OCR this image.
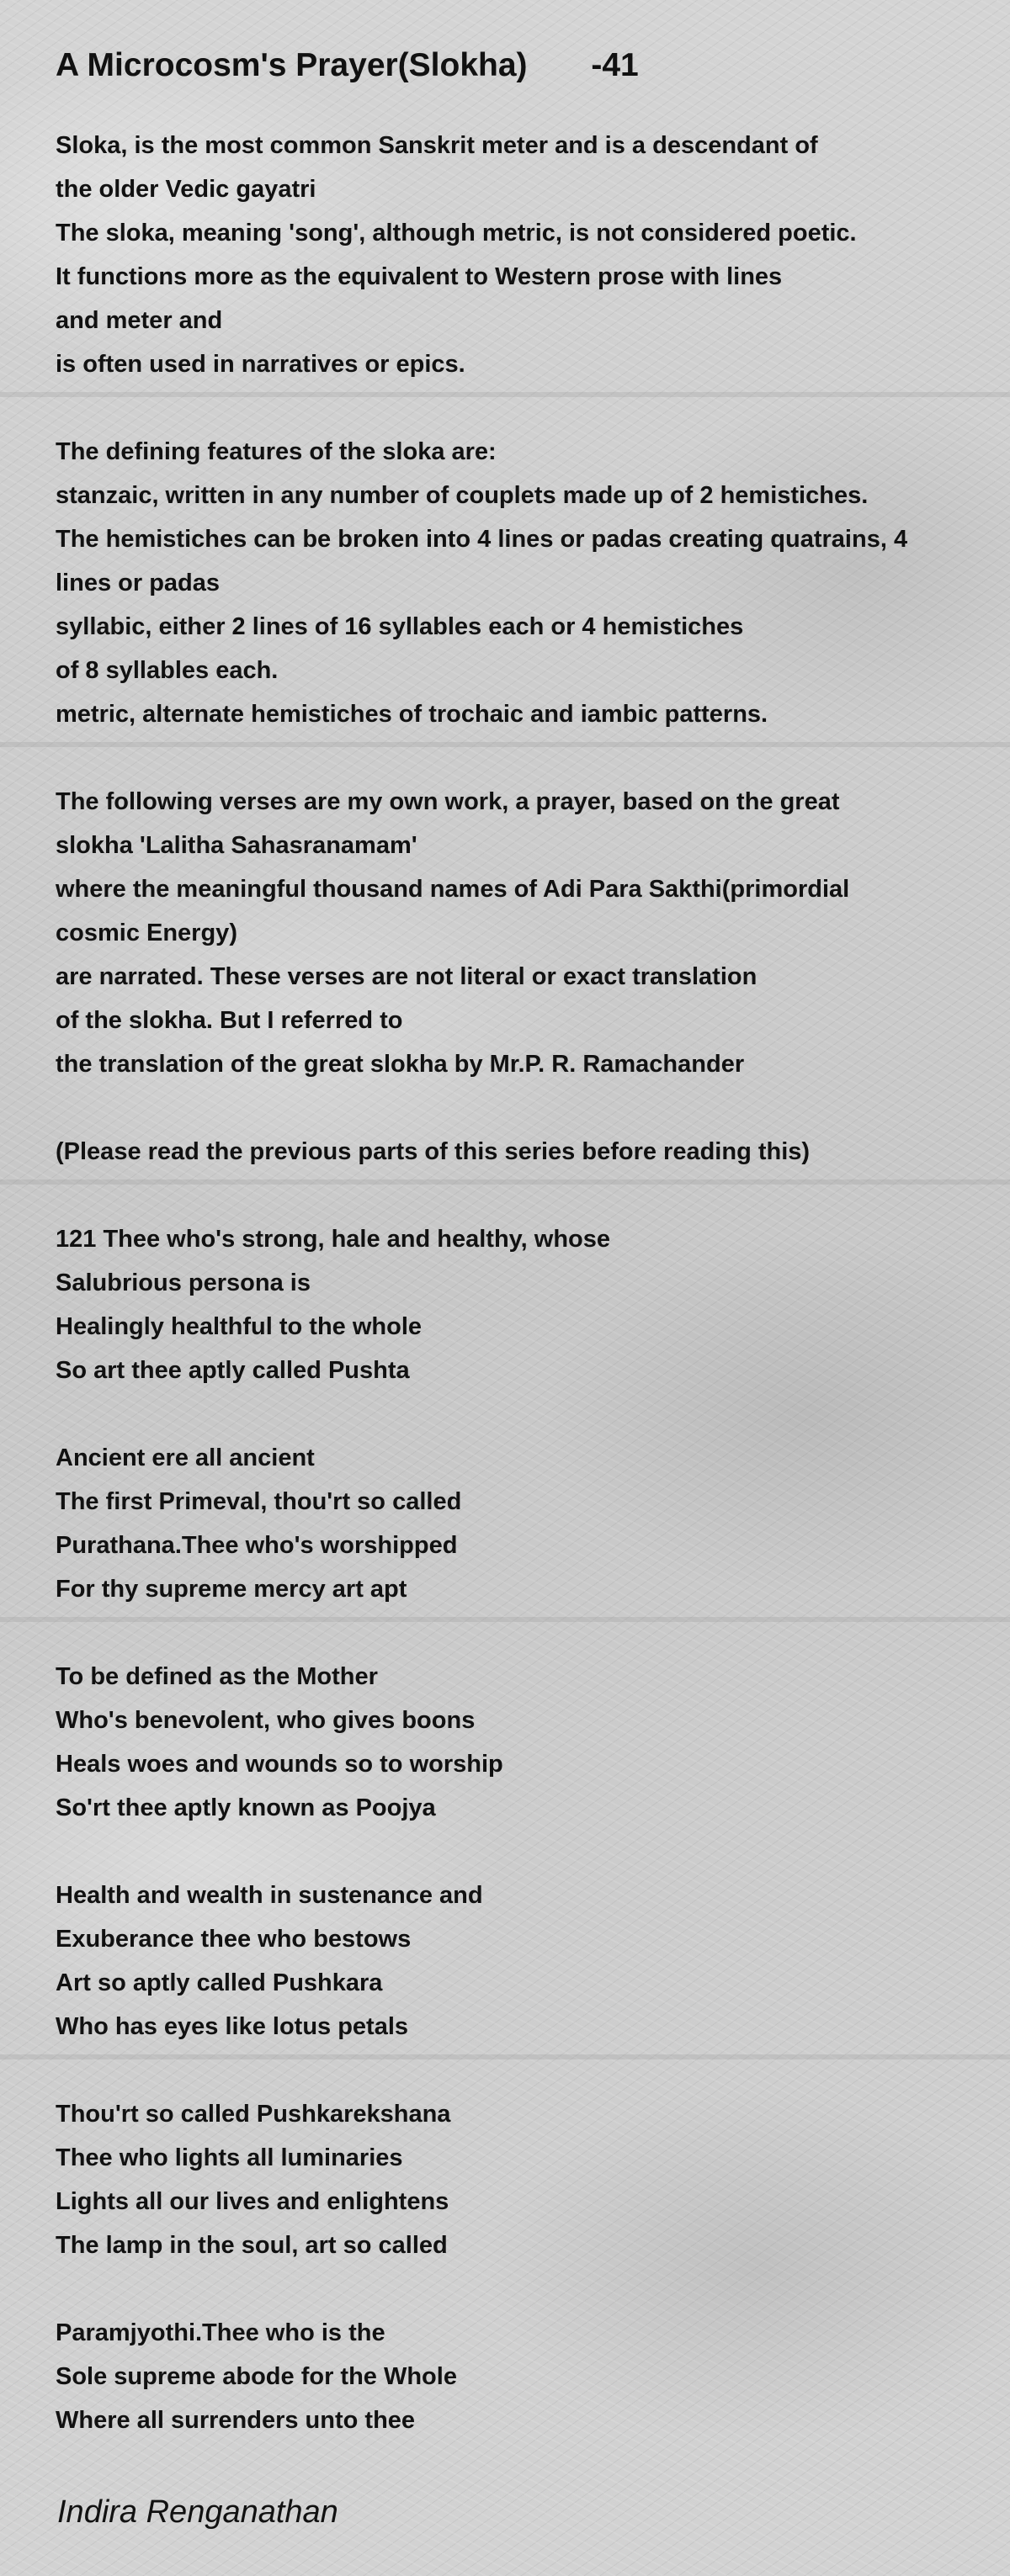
A Microcosm's Prayer(Slokha)       -41
Sloka, is the most common Sanskrit meter and is a descendant of
the older Vedic gayatri
The sloka, meaning 'song', although metric, is not considered poetic.
It functions more as the equivalent to Western prose with lines
and meter and
is often used in narratives or epics.
The defining features of the sloka are:
stanzaic, written in any number of couplets made up of 2 hemistiches.
The hemistiches can be broken into 4 lines or padas creating quatrains, 4
lines or padas
syllabic, either 2 lines of 16 syllables each or 4 hemistiches
of 8 syllables each.
metric, alternate hemistiches of trochaic and iambic patterns.
The following verses are my own work, a prayer, based on the great
slokha 'Lalitha Sahasranamam'
where the meaningful thousand names of Adi Para Sakthi(primordial
cosmic Energy)
are narrated. These verses are not literal or exact translation
of the slokha. But I referred to
the translation of the great slokha by Mr.P. R. Ramachander
(Please read the previous parts of this series before reading this)
121 Thee who's strong, hale and healthy, whose
Salubrious persona is
Healingly healthful to the whole
So art thee aptly called Pushta
Ancient ere all ancient
The first Primeval, thou'rt so called
Purathana.Thee who's worshipped
For thy supreme mercy art apt
To be defined as the Mother
Who's benevolent, who gives boons
Heals woes and wounds so to worship
So'rt thee aptly known as Poojya
Health and wealth in sustenance and
Exuberance thee who bestows
Art so aptly called Pushkara
Who has eyes like lotus petals
Thou'rt so called Pushkarekshana
Thee who lights all luminaries
Lights all our lives and enlightens
The lamp in the soul, art so called
Paramjyothi.Thee who is the
Sole supreme abode for the Whole
Where all surrenders unto thee

Indira Renganathan
